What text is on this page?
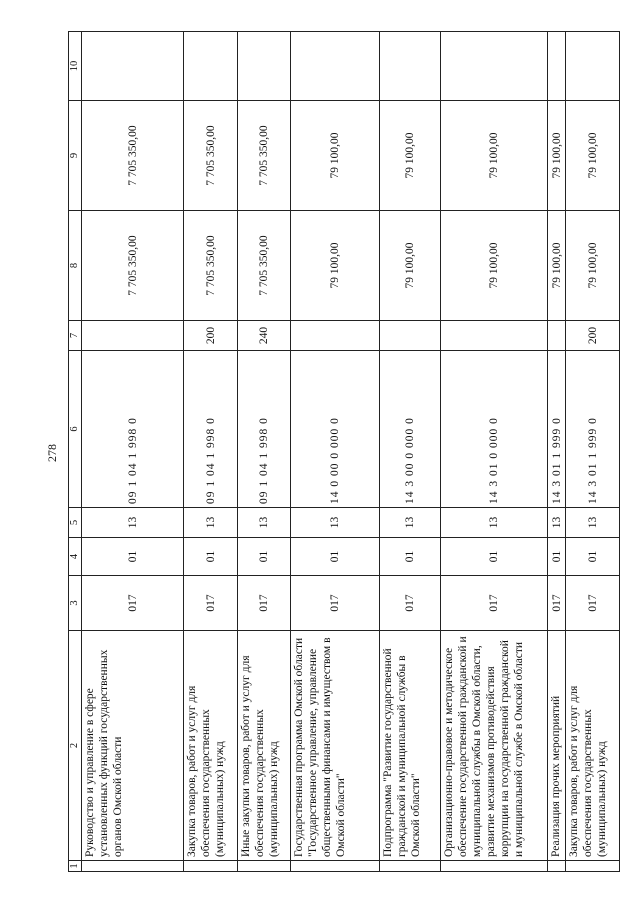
278
1	2	3	4	5	6	7	8	9	10
	Руководство и управление в сфере установленных функций государственных органов Омской области	017	01	13	09 1 04 1 998 0		7 705 350,00	7 705 350,00	
	Закупка товаров, работ и услуг для обеспечения государственных (муниципальных) нужд	017	01	13	09 1 04 1 998 0	200	7 705 350,00	7 705 350,00	
	Иные закупки товаров, работ и услуг для обеспечения государственных (муниципальных) нужд	017	01	13	09 1 04 1 998 0	240	7 705 350,00	7 705 350,00	
	Государственная программа Омской области "Государственное управление, управление общественными финансами и имуществом в Омской области"	017	01	13	14 0 00 0 000 0		79 100,00	79 100,00	
	Подпрограмма "Развитие государственной гражданской и муниципальной службы в Омской области"	017	01	13	14 3 00 0 000 0		79 100,00	79 100,00	
	Организационно-правовое и методическое обеспечение государственной гражданской и муниципальной службы в Омской области, развитие механизмов противодействия коррупции на государственной гражданской и муниципальной службе в Омской области	017	01	13	14 3 01 0 000 0		79 100,00	79 100,00	
	Реализация прочих мероприятий	017	01	13	14 3 01 1 999 0		79 100,00	79 100,00	
	Закупка товаров, работ и услуг для обеспечения государственных (муниципальных) нужд	017	01	13	14 3 01 1 999 0	200	79 100,00	79 100,00	
